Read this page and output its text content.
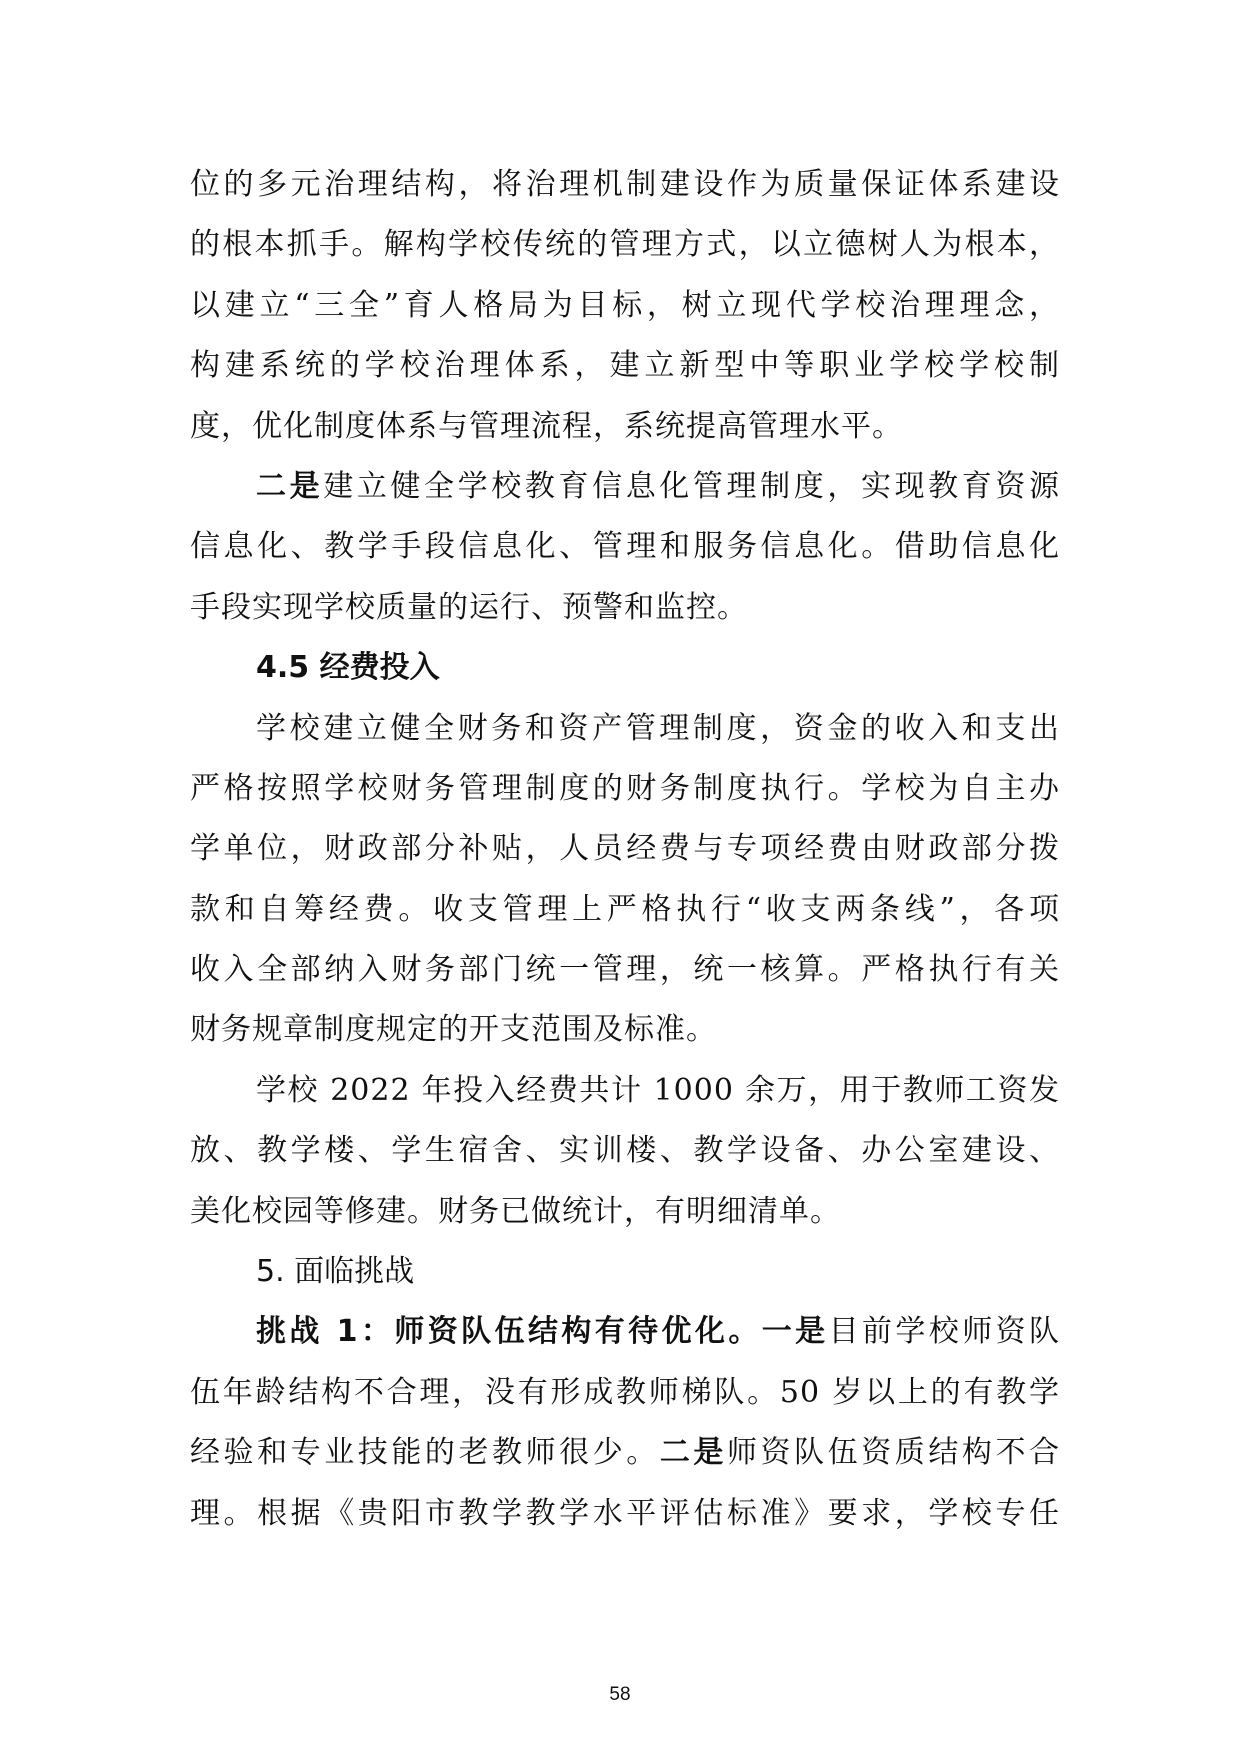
位的多元治理结构，将治理机制建设作为质量保证体系建设
的根本抓手。解构学校传统的管理方式，以立德树人为根本，
以建立“三全”育人格局为目标，树立现代学校治理理念，
构建系统的学校治理体系，建立新型中等职业学校学校制
度，优化制度体系与管理流程，系统提高管理水平。
二是建立健全学校教育信息化管理制度，实现教育资源
信息化、教学手段信息化、管理和服务信息化。借助信息化
手段实现学校质量的运行、预警和监控。
4.5 经费投入
学校建立健全财务和资产管理制度，资金的收入和支出
严格按照学校财务管理制度的财务制度执行。学校为自主办
学单位，财政部分补贴，人员经费与专项经费由财政部分拨
款和自筹经费。收支管理上严格执行“收支两条线”，各项
收入全部纳入财务部门统一管理，统一核算。严格执行有关
财务规章制度规定的开支范围及标准。
学校 2022 年投入经费共计 1000 余万，用于教师工资发
放、教学楼、学生宿舍、实训楼、教学设备、办公室建设、
美化校园等修建。财务已做统计，有明细清单。
5. 面临挑战
挑战 1：师资队伍结构有待优化。一是目前学校师资队
伍年龄结构不合理，没有形成教师梯队。50 岁以上的有教学
经验和专业技能的老教师很少。二是师资队伍资质结构不合
理。根据《贵阳市教学教学水平评估标准》要求，学校专任
58
